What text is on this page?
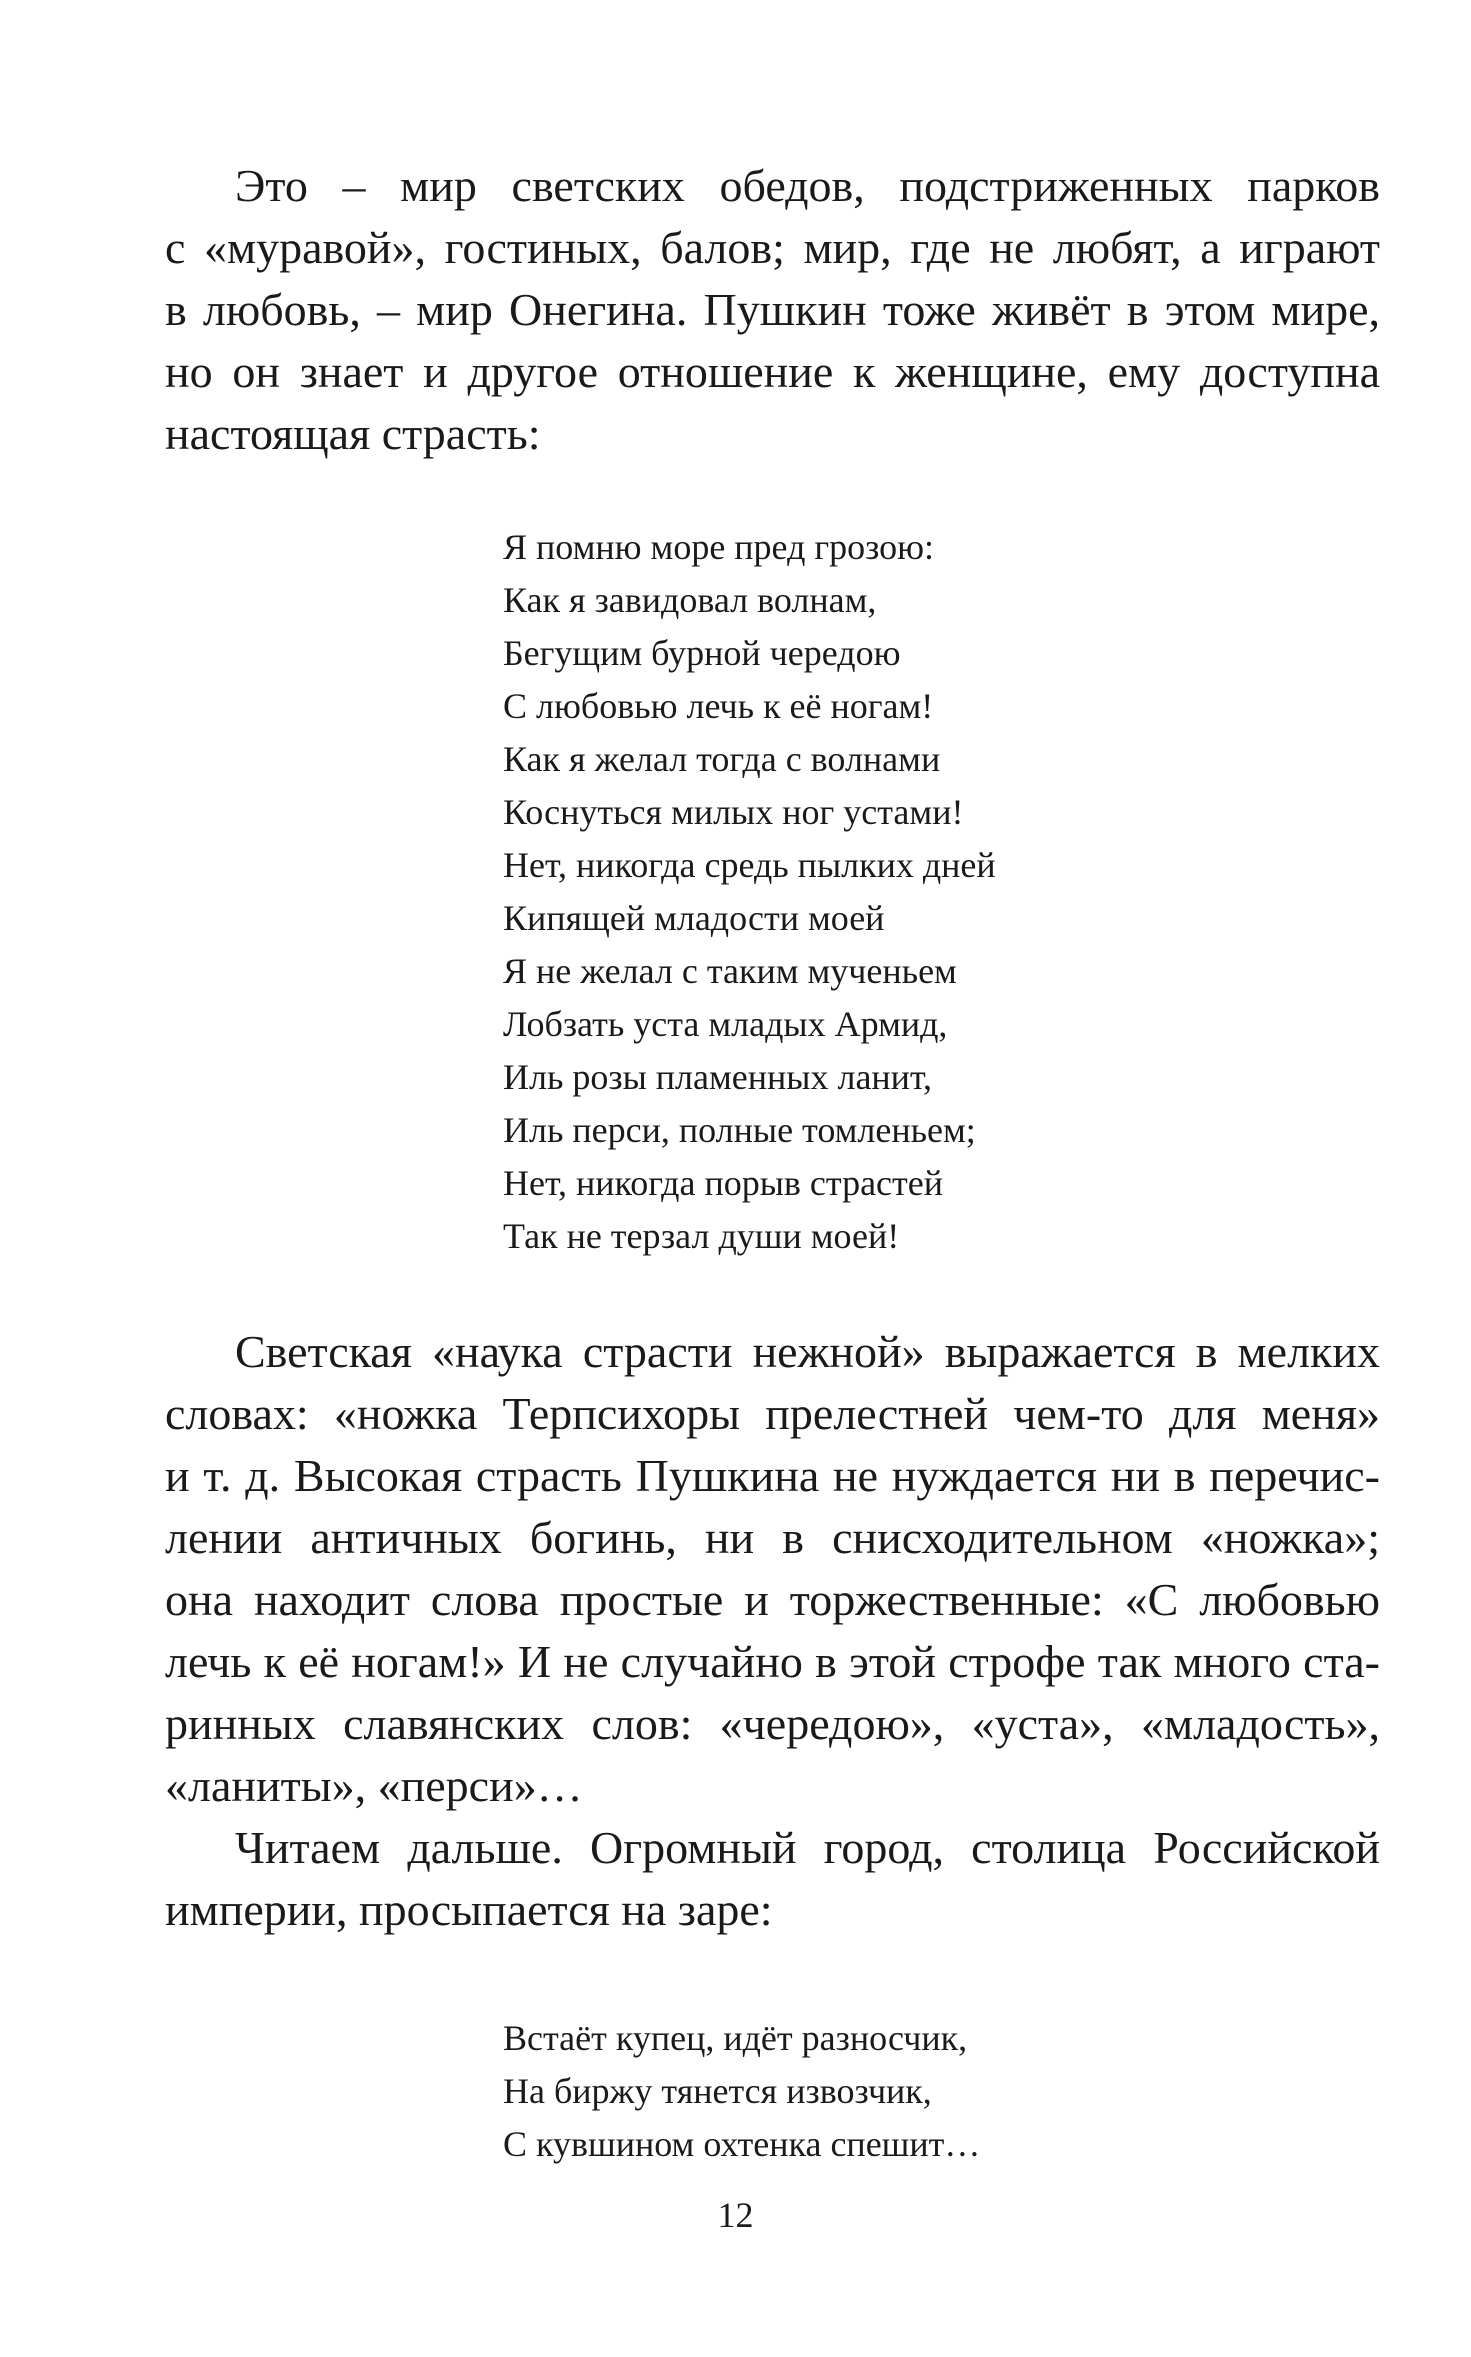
Это – мир светских обедов, подстриженных парков
с «муравой», гостиных, балов; мир, где не любят, а играют
в любовь, – мир Онегина. Пушкин тоже живёт в этом мире,
но он знает и другое отношение к женщине, ему доступна
настоящая страсть:
Я помню море пред грозою:
Как я завидовал волнам,
Бегущим бурной чередою
С любовью лечь к её ногам!
Как я желал тогда с волнами
Коснуться милых ног устами!
Нет, никогда средь пылких дней
Кипящей младости моей
Я не желал с таким мученьем
Лобзать уста младых Армид,
Иль розы пламенных ланит,
Иль перси, полные томленьем;
Нет, никогда порыв страстей
Так не терзал души моей!
Светская «наука страсти нежной» выражается в мелких
словах: «ножка Терпсихоры прелестней чем-то для меня»
и т. д. Высокая страсть Пушкина не нуждается ни в перечис-
лении античных богинь, ни в снисходительном «ножка»;
она находит слова простые и торжественные: «С любовью
лечь к её ногам!» И не случайно в этой строфе так много ста-
ринных славянских слов: «чередою», «уста», «младость»,
«ланиты», «перси»…
Читаем дальше. Огромный город, столица Российской
империи, просыпается на заре:
Встаёт купец, идёт разносчик,
На биржу тянется извозчик,
С кувшином охтенка спешит…
12
